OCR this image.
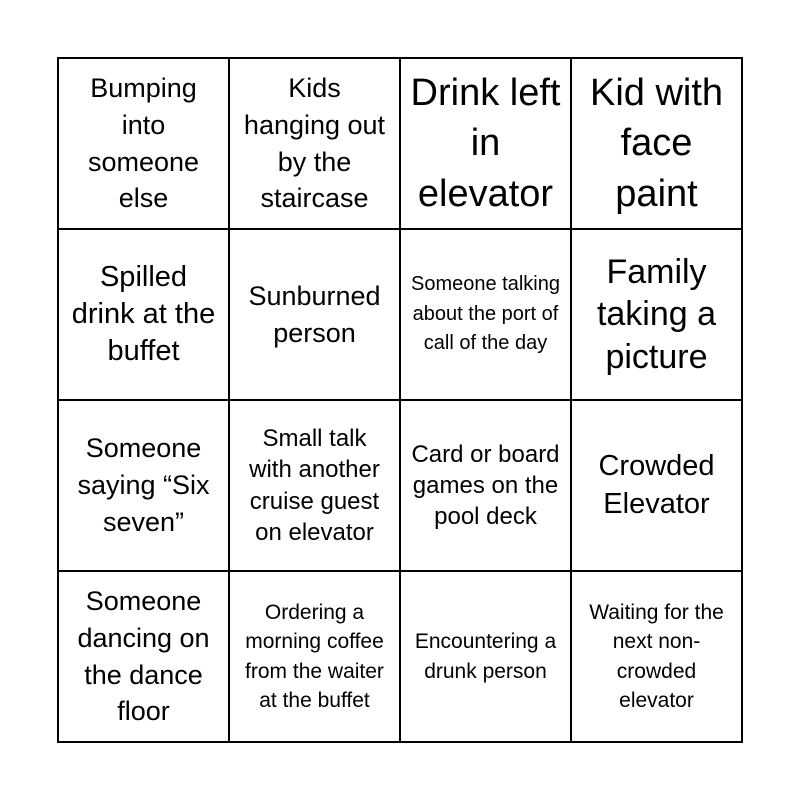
Bumping into someone else
Kids hanging out by the staircase
Drink left in elevator
Kid with face paint
Spilled drink at the buffet
Sunburned person
Someone talking about the port of call of the day
Family taking a picture
Someone saying “Six seven”
Small talk with another cruise guest on elevator
Card or board games on the pool deck
Crowded Elevator
Someone dancing on the dance floor
Ordering a morning coffee from the waiter at the buffet
Encountering a drunk person
Waiting for the next non-crowded elevator
